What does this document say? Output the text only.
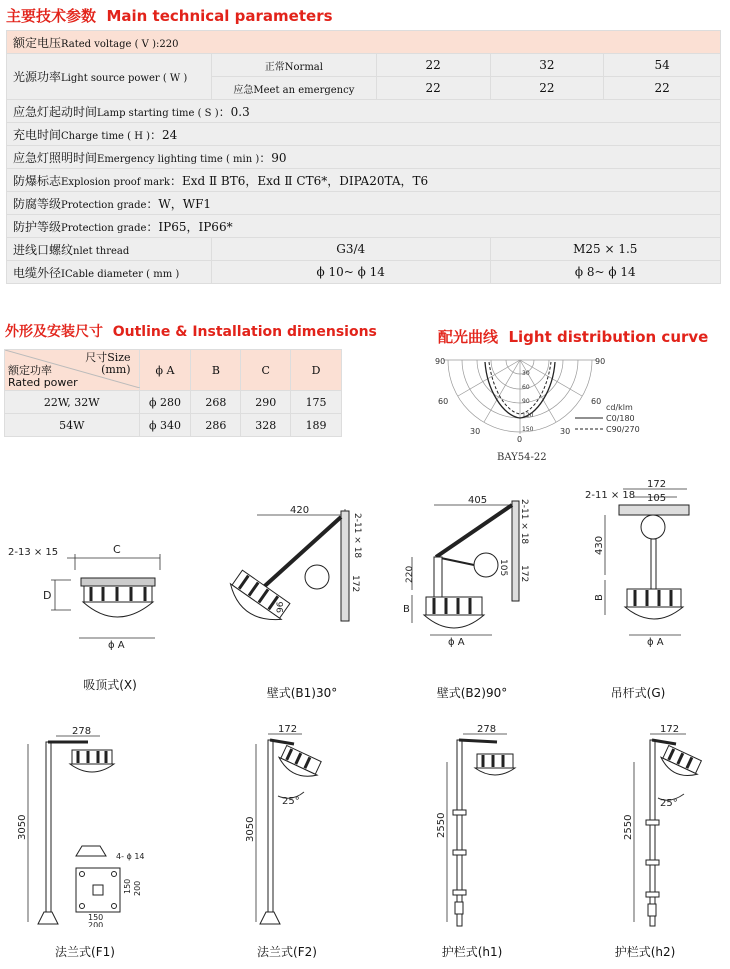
主要技术参数 Main technical parameters
额定电压Rated voltage ( V ):220				
光源功率Light source power ( W )	正常Normal	22	32	54
	应急Meet an emergency	22	22	22
应急灯起动时间Lamp starting time ( S )：0.3				
充电时间Charge time ( H )：24				
应急灯照明时间Emergency lighting time ( min )：90				
防爆标志Explosion proof mark：Exd Ⅱ BT6，Exd Ⅱ CT6*，DIPA20TA，T6				
防腐等级Protection grade：W，WF1				
防护等级Protection grade：IP65，IP66*				
进线口螺纹nlet thread	G3/4		M25 × 1.5	
电缆外径ICable diameter ( mm )	ϕ 10~ ϕ 14		ϕ 8~ ϕ 14	
外形及安装尺寸 Outline & Installation dimensions
尺寸Size
(mm)
额定功率
Rated power	ϕ A	B	C	D
22W, 32W	ϕ 280	268	290	175
54W	ϕ 340	286	328	189
配光曲线 Light distribution curve
90	90
60	60
30	30
0
30
60
90
120
150
cd/klm
C0/180
C90/270
BAY54-22
2-13 × 15	C
D
ϕ A
吸顶式(X)
420
2-11 × 18
172
96
壁式(B1)30°
405	2-11 × 18
220	172
105
B
ϕ A
壁式(B2)90°
172
105
2-11 × 18
430
B
ϕ A
吊杆式(G)
278
3050
4- ϕ 14
150 200
150
200
法兰式(F1)
172
3050
25°
法兰式(F2)
278
2550
护栏式(h1)
172
2550
25°
护栏式(h2)
